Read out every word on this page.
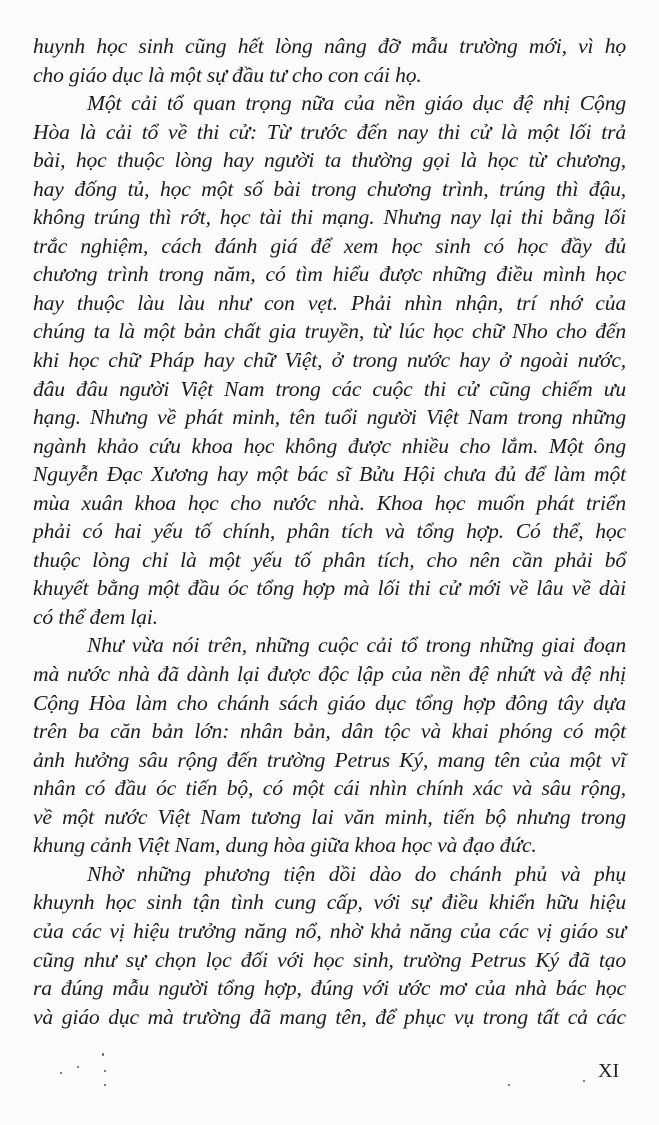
huynh học sinh cũng hết lòng nâng đỡ mẫu trường mới, vì họ
cho giáo dục là một sự đầu tư cho con cái họ.
Một cải tổ quan trọng nữa của nền giáo dục đệ nhị Cộng
Hòa là cải tổ về thi cử: Từ trước đến nay thi cử là một lối trả
bài, học thuộc lòng hay người ta thường gọi là học từ chương,
hay đống tủ, học một số bài trong chương trình, trúng thì đậu,
không trúng thì rớt, học tài thi mạng. Nhưng nay lại thi bằng lối
trắc nghiệm, cách đánh giá để xem học sinh có học đầy đủ
chương trình trong năm, có tìm hiểu được những điều mình học
hay thuộc làu làu như con vẹt. Phải nhìn nhận, trí nhớ của
chúng ta là một bản chất gia truyền, từ lúc học chữ Nho cho đến
khi học chữ Pháp hay chữ Việt, ở trong nước hay ở ngoài nước,
đâu đâu người Việt Nam trong các cuộc thi cử cũng chiếm ưu
hạng. Nhưng về phát minh, tên tuổi người Việt Nam trong những
ngành khảo cứu khoa học không được nhiều cho lắm. Một ông
Nguyễn Đạc Xương hay một bác sĩ Bửu Hội chưa đủ để làm một
mùa xuân khoa học cho nước nhà. Khoa học muốn phát triển
phải có hai yếu tố chính, phân tích và tổng hợp. Có thể, học
thuộc lòng chỉ là một yếu tố phân tích, cho nên cần phải bổ
khuyết bằng một đầu óc tổng hợp mà lối thi cử mới về lâu về dài
có thể đem lại.
Như vừa nói trên, những cuộc cải tổ trong những giai đoạn
mà nước nhà đã dành lại được độc lập của nền đệ nhứt và đệ nhị
Cộng Hòa làm cho chánh sách giáo dục tổng hợp đông tây dựa
trên ba căn bản lớn: nhân bản, dân tộc và khai phóng có một
ảnh hưởng sâu rộng đến trường Petrus Ký, mang tên của một vĩ
nhân có đầu óc tiến bộ, có một cái nhìn chính xác và sâu rộng,
về một nước Việt Nam tương lai văn minh, tiến bộ nhưng trong
khung cảnh Việt Nam, dung hòa giữa khoa học và đạo đức.
Nhờ những phương tiện dồi dào do chánh phủ và phụ
khuynh học sinh tận tình cung cấp, với sự điều khiển hữu hiệu
của các vị hiệu trưởng năng nổ, nhờ khả năng của các vị giáo sư
cũng như sự chọn lọc đối với học sinh, trường Petrus Ký đã tạo
ra đúng mẫu người tổng hợp, đúng với ước mơ của nhà bác học
và giáo dục mà trường đã mang tên, để phục vụ trong tất cả các
XI
